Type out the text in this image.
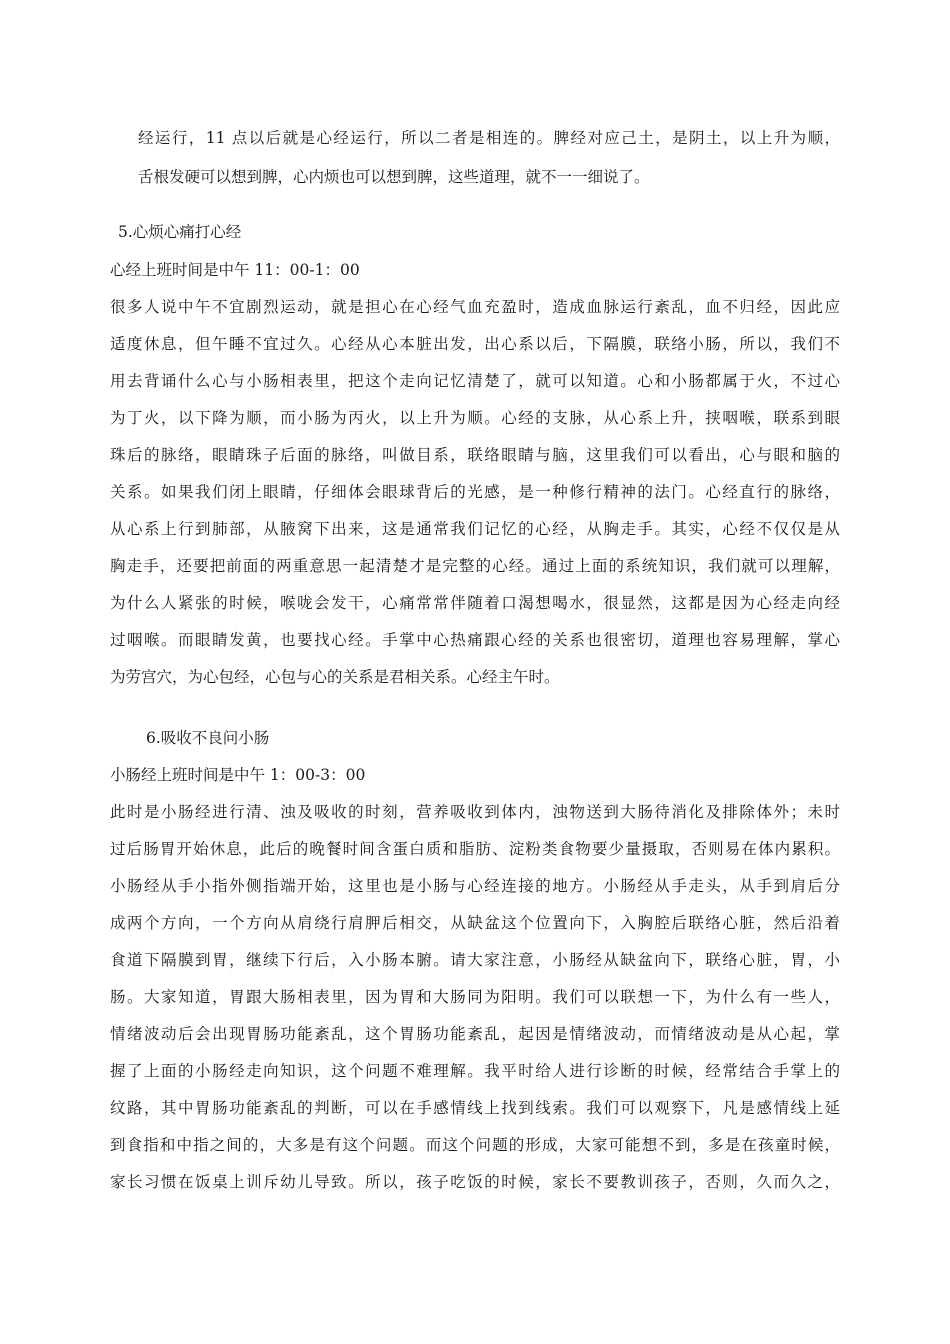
经运行，11 点以后就是心经运行，所以二者是相连的。脾经对应己土，是阴土，以上升为顺，
舌根发硬可以想到脾，心内烦也可以想到脾，这些道理，就不一一细说了。
5.心烦心痛打心经
心经上班时间是中午 11：00-1：00
很多人说中午不宜剧烈运动，就是担心在心经气血充盈时，造成血脉运行紊乱，血不归经，因此应
适度休息，但午睡不宜过久。心经从心本脏出发，出心系以后，下隔膜，联络小肠，所以，我们不
用去背诵什么心与小肠相表里，把这个走向记忆清楚了，就可以知道。心和小肠都属于火，不过心
为丁火，以下降为顺，而小肠为丙火，以上升为顺。心经的支脉，从心系上升，挟咽喉，联系到眼
珠后的脉络，眼睛珠子后面的脉络，叫做目系，联络眼睛与脑，这里我们可以看出，心与眼和脑的
关系。如果我们闭上眼睛，仔细体会眼球背后的光感，是一种修行精神的法门。心经直行的脉络，
从心系上行到肺部，从腋窝下出来，这是通常我们记忆的心经，从胸走手。其实，心经不仅仅是从
胸走手，还要把前面的两重意思一起清楚才是完整的心经。通过上面的系统知识，我们就可以理解，
为什么人紧张的时候，喉咙会发干，心痛常常伴随着口渴想喝水，很显然，这都是因为心经走向经
过咽喉。而眼睛发黄，也要找心经。手掌中心热痛跟心经的关系也很密切，道理也容易理解，掌心
为劳宫穴，为心包经，心包与心的关系是君相关系。心经主午时。
6.吸收不良问小肠
小肠经上班时间是中午 1：00-3：00
此时是小肠经进行清、浊及吸收的时刻，营养吸收到体内，浊物送到大肠待消化及排除体外；未时
过后肠胃开始休息，此后的晚餐时间含蛋白质和脂肪、淀粉类食物要少量摄取，否则易在体内累积。
小肠经从手小指外侧指端开始，这里也是小肠与心经连接的地方。小肠经从手走头，从手到肩后分
成两个方向，一个方向从肩绕行肩胛后相交，从缺盆这个位置向下，入胸腔后联络心脏，然后沿着
食道下隔膜到胃，继续下行后，入小肠本腑。请大家注意，小肠经从缺盆向下，联络心脏，胃，小
肠。大家知道，胃跟大肠相表里，因为胃和大肠同为阳明。我们可以联想一下，为什么有一些人，
情绪波动后会出现胃肠功能紊乱，这个胃肠功能紊乱，起因是情绪波动，而情绪波动是从心起，掌
握了上面的小肠经走向知识，这个问题不难理解。我平时给人进行诊断的时候，经常结合手掌上的
纹路，其中胃肠功能紊乱的判断，可以在手感情线上找到线索。我们可以观察下，凡是感情线上延
到食指和中指之间的，大多是有这个问题。而这个问题的形成，大家可能想不到，多是在孩童时候，
家长习惯在饭桌上训斥幼儿导致。所以，孩子吃饭的时候，家长不要教训孩子，否则，久而久之，
